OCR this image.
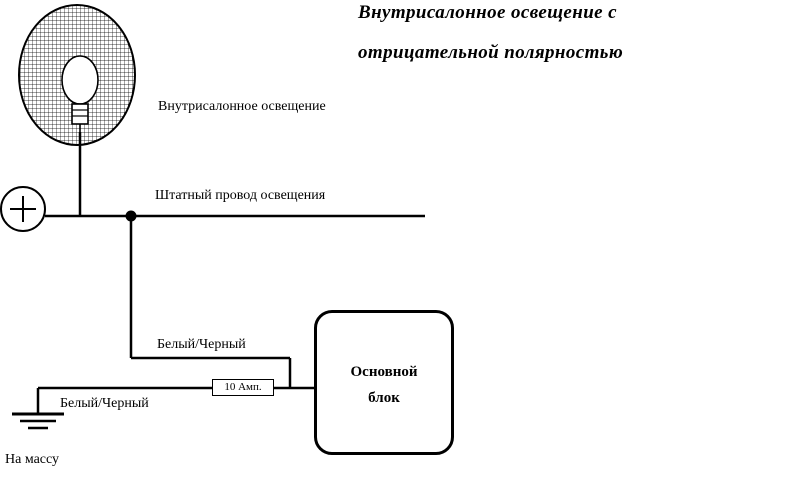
Внутрисалонное освещение с
отрицательной полярностью
Основной
блок
10 Амп.
Внутрисалонное освещение
Штатный провод освещения
Белый/Черный
Белый/Черный
На массу
